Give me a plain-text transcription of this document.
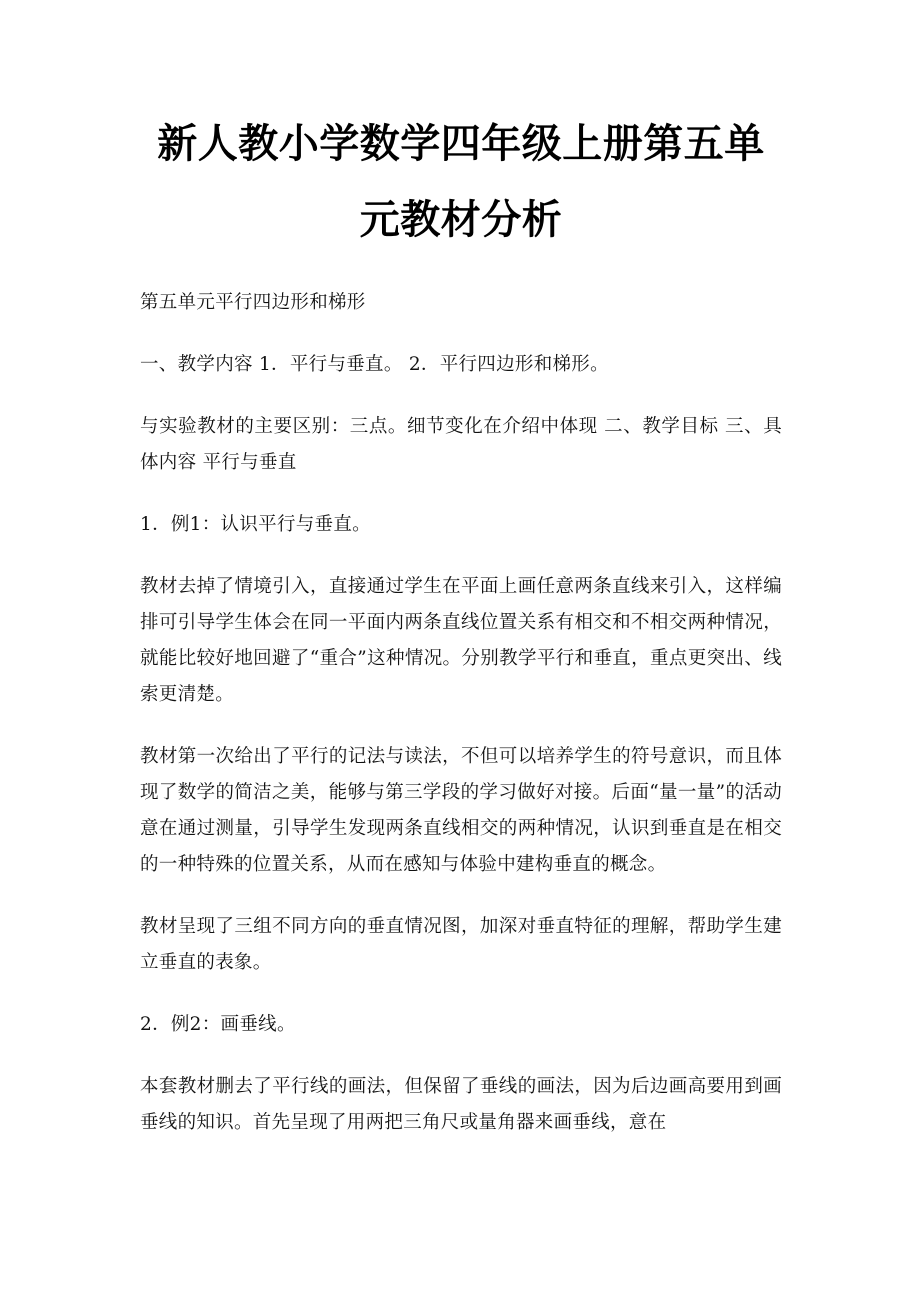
新人教小学数学四年级上册第五单元教材分析

第五单元平行四边形和梯形

一、教学内容 1．平行与垂直。 2．平行四边形和梯形。

与实验教材的主要区别：三点。细节变化在介绍中体现 二、教学目标 三、具体内容 平行与垂直

1．例1：认识平行与垂直。

教材去掉了情境引入，直接通过学生在平面上画任意两条直线来引入，这样编排可引导学生体会在同一平面内两条直线位置关系有相交和不相交两种情况，就能比较好地回避了“重合”这种情况。分别教学平行和垂直，重点更突出、线索更清楚。

教材第一次给出了平行的记法与读法，不但可以培养学生的符号意识，而且体现了数学的简洁之美，能够与第三学段的学习做好对接。后面“量一量”的活动意在通过测量，引导学生发现两条直线相交的两种情况，认识到垂直是在相交的一种特殊的位置关系，从而在感知与体验中建构垂直的概念。

教材呈现了三组不同方向的垂直情况图，加深对垂直特征的理解，帮助学生建立垂直的表象。

2．例2：画垂线。

本套教材删去了平行线的画法，但保留了垂线的画法，因为后边画高要用到画垂线的知识。首先呈现了用两把三角尺或量角器来画垂线，意在
